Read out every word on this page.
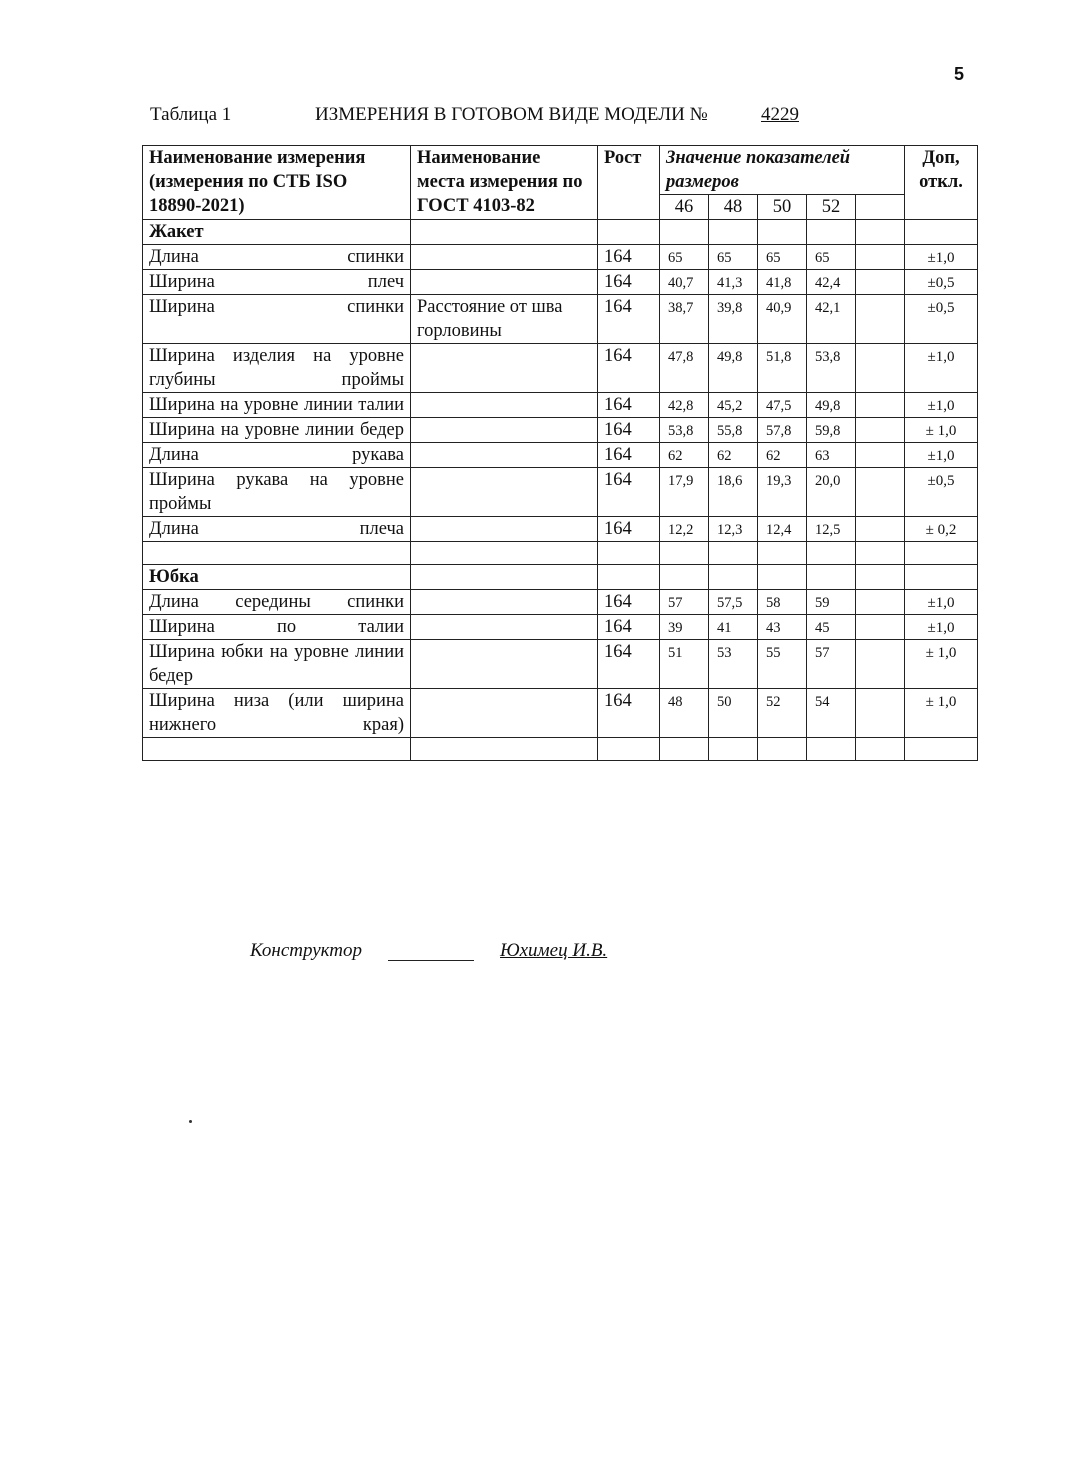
5
Таблица 1	ИЗМЕРЕНИЯ В ГОТОВОМ ВИДЕ МОДЕЛИ №	4229
Наименование измерения (измерения по СТБ ISO 18890-2021)	Наименование места измерения по ГОСТ 4103-82	Рост	Значение показателей размеров					Доп, откл.
			46	48	50	52		
Жакет								
Длина спинки		164	65	65	65	65		±1,0
Ширина плеч		164	40,7	41,3	41,8	42,4		±0,5
Ширина спинки	Расстояние от шва горловины	164	38,7	39,8	40,9	42,1		±0,5
Ширина изделия на уровне глубины проймы		164	47,8	49,8	51,8	53,8		±1,0
Ширина на уровне линии талии		164	42,8	45,2	47,5	49,8		±1,0
Ширина на уровне линии бедер		164	53,8	55,8	57,8	59,8		± 1,0
Длина рукава		164	62	62	62	63		±1,0
Ширина рукава на уровне проймы		164	17,9	18,6	19,3	20,0		±0,5
Длина плеча		164	12,2	12,3	12,4	12,5		± 0,2

Юбка								
Длина середины спинки		164	57	57,5	58	59		±1,0
Ширина по талии		164	39	41	43	45		±1,0
Ширина юбки на уровне линии бедер		164	51	53	55	57		± 1,0
Ширина низа (или ширина нижнего края)		164	48	50	52	54		± 1,0

Конструктор	Юхимец И.В.
